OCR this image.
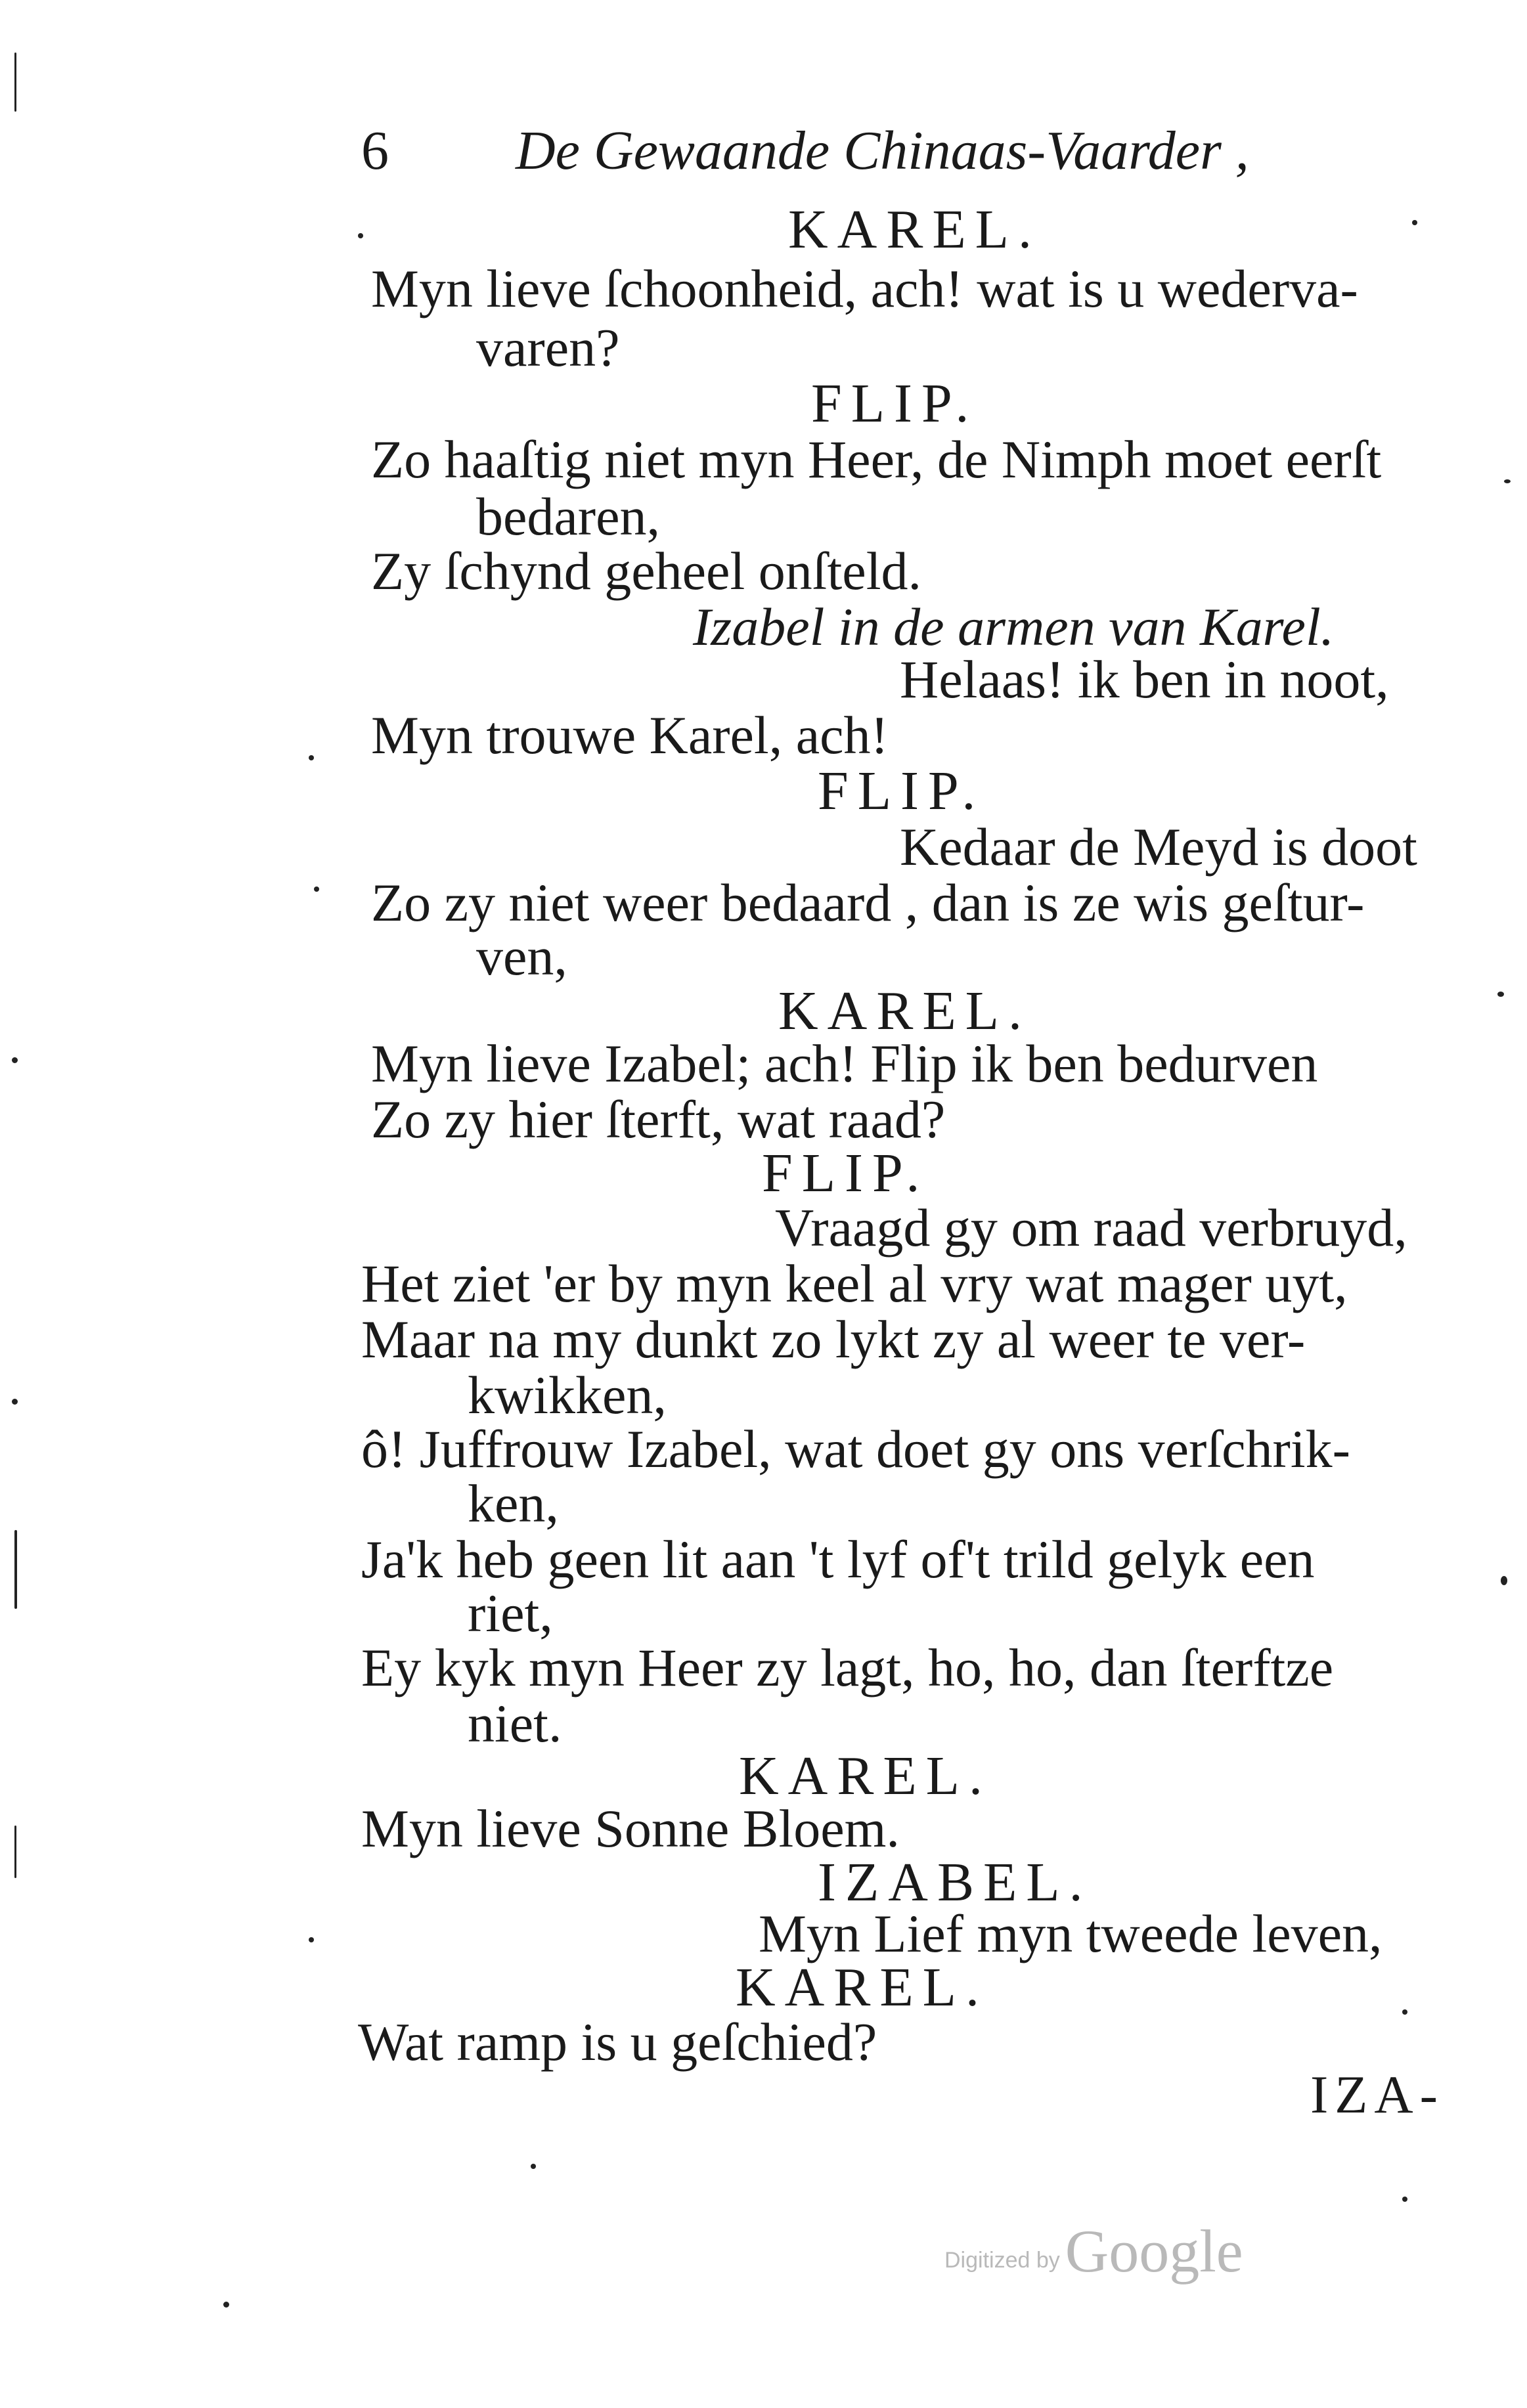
6 De Gewaande Chinaas-Vaarder ,
KAREL.
Myn lieve ſchoonheid, ach! wat is u wederva-
varen?
FLIP.
Zo haaſtig niet myn Heer, de Nimph moet eerſt
bedaren,
Zy ſchynd geheel onſteld.
Izabel in de armen van Karel.
Helaas! ik ben in noot,
Myn trouwe Karel, ach!
FLIP.
Kedaar de Meyd is doot
Zo zy niet weer bedaard , dan is ze wis geſtur-
ven,
KAREL.
Myn lieve Izabel; ach! Flip ik ben bedurven
Zo zy hier ſterft, wat raad?
FLIP.
Vraagd gy om raad verbruyd,
Het ziet 'er by myn keel al vry wat mager uyt,
Maar na my dunkt zo lykt zy al weer te ver-
kwikken,
ô! Juffrouw Izabel, wat doet gy ons verſchrik-
ken,
Ja'k heb geen lit aan 't lyf of't trild gelyk een
riet,
Ey kyk myn Heer zy lagt, ho, ho, dan ſterftze
niet.
KAREL.
Myn lieve Sonne Bloem.
IZABEL.
Myn Lief myn tweede leven,
KAREL.
Wat ramp is u geſchied?
IZA-
Digitized byGoogle
